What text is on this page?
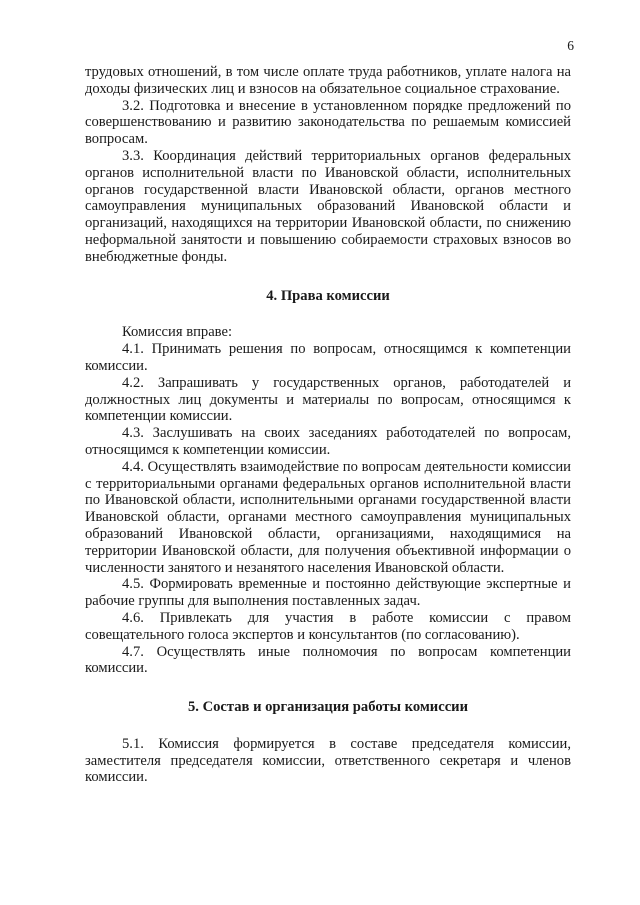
6

трудовых отношений, в том числе оплате труда работников, уплате налога на доходы физических лиц и взносов на обязательное социальное страхование.

3.2. Подготовка и внесение в установленном порядке предложений по совершенствованию и развитию законодательства по решаемым комиссией вопросам.

3.3. Координация действий территориальных органов федеральных органов исполнительной власти по Ивановской области, исполнительных органов государственной власти Ивановской области, органов местного самоуправления муниципальных образований Ивановской области и организаций, находящихся на территории Ивановской области, по снижению неформальной занятости и повышению собираемости страховых взносов во внебюджетные фонды.

4. Права комиссии

Комиссия вправе:

4.1. Принимать решения по вопросам, относящимся к компетенции комиссии.

4.2. Запрашивать у государственных органов, работодателей и должностных лиц документы и материалы по вопросам, относящимся к компетенции комиссии.

4.3. Заслушивать на своих заседаниях работодателей по вопросам, относящимся к компетенции комиссии.

4.4. Осуществлять взаимодействие по вопросам деятельности комиссии с территориальными органами федеральных органов исполнительной власти по Ивановской области, исполнительными органами государственной власти Ивановской области, органами местного самоуправления муниципальных образований Ивановской области, организациями, находящимися на территории Ивановской области, для получения объективной информации о численности занятого и незанятого населения Ивановской области.

4.5. Формировать временные и постоянно действующие экспертные и рабочие группы для выполнения поставленных задач.

4.6. Привлекать для участия в работе комиссии с правом совещательного голоса экспертов и консультантов (по согласованию).

4.7. Осуществлять иные полномочия по вопросам компетенции комиссии.

5. Состав и организация работы комиссии

5.1. Комиссия формируется в составе председателя комиссии, заместителя председателя комиссии, ответственного секретаря и членов комиссии.
